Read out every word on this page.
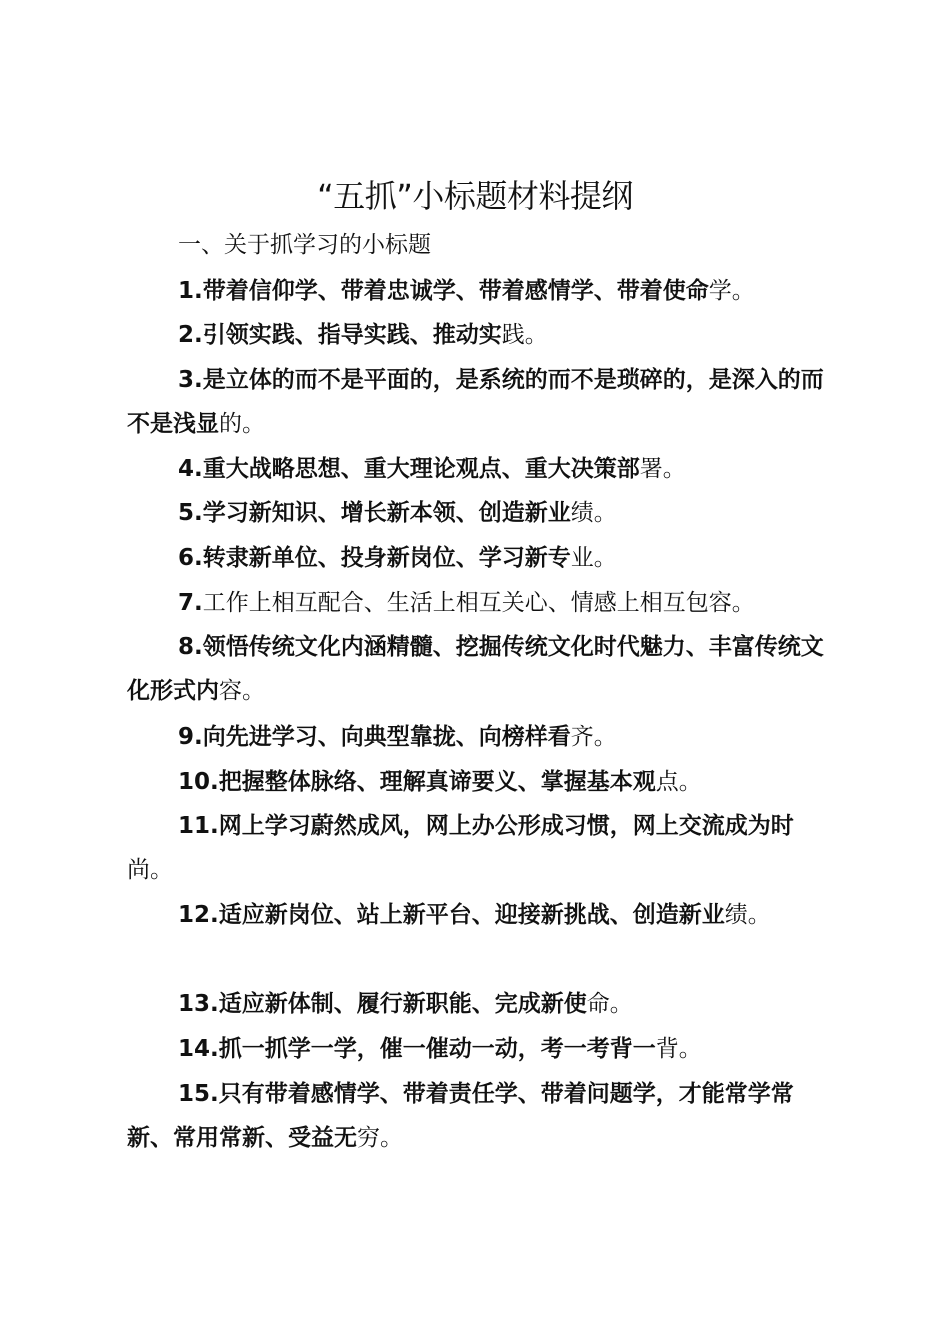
“五抓”小标题材料提纲
一、关于抓学习的小标题

1.带着信仰学、带着忠诚学、带着感情学、带着使命学。

2.引领实践、指导实践、推动实践。

3.是立体的而不是平面的，是系统的而不是琐碎的，是深入的而不是浅显的。

4.重大战略思想、重大理论观点、重大决策部署。

5.学习新知识、增长新本领、创造新业绩。

6.转隶新单位、投身新岗位、学习新专业。

7.工作上相互配合、生活上相互关心、情感上相互包容。

8.领悟传统文化内涵精髓、挖掘传统文化时代魅力、丰富传统文化形式内容。

9.向先进学习、向典型靠拢、向榜样看齐。

10.把握整体脉络、理解真谛要义、掌握基本观点。

11.网上学习蔚然成风，网上办公形成习惯，网上交流成为时尚。

12.适应新岗位、站上新平台、迎接新挑战、创造新业绩。

13.适应新体制、履行新职能、完成新使命。

14.抓一抓学一学，催一催动一动，考一考背一背。

15.只有带着感情学、带着责任学、带着问题学，才能常学常新、常用常新、受益无穷。
